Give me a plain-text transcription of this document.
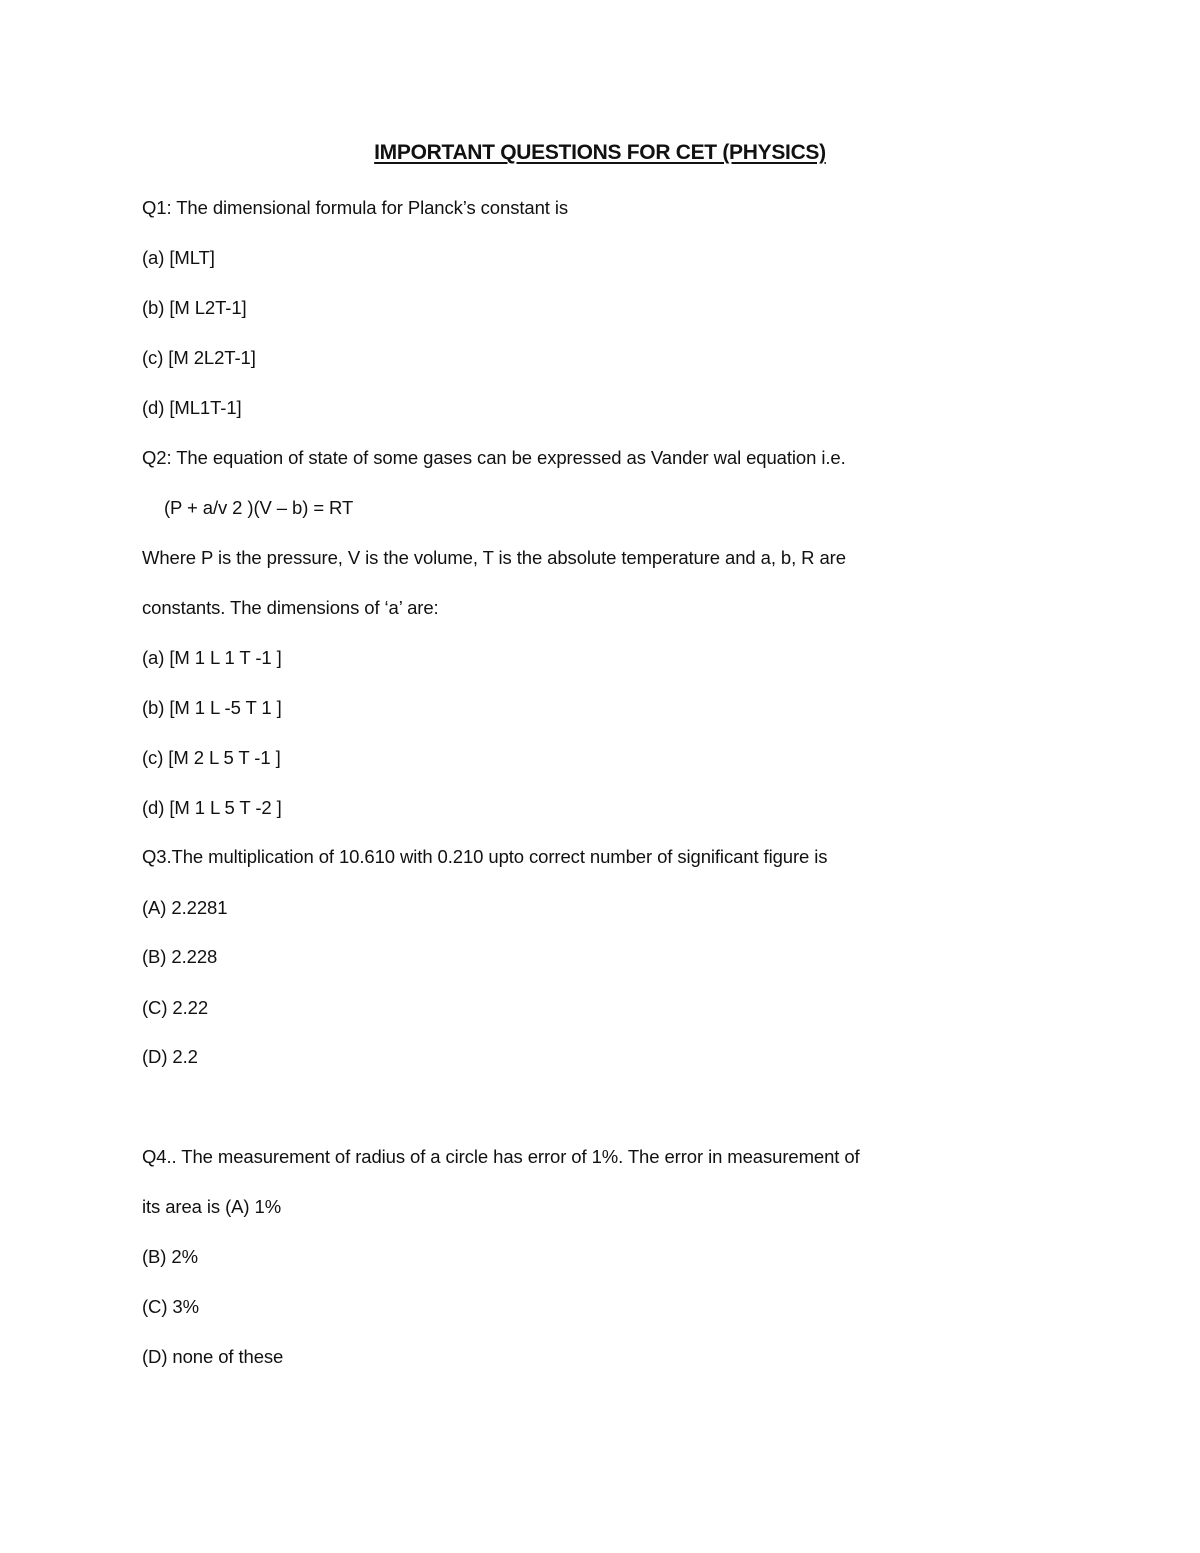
IMPORTANT QUESTIONS FOR CET (PHYSICS)
Q1: The dimensional formula for Planck’s constant is
(a) [MLT]
(b) [M L2T-1]
(c) [M 2L2T-1]
(d) [ML1T-1]
Q2: The equation of state of some gases can be expressed as Vander wal equation i.e.
(P + a/v 2 )(V – b) = RT
Where P is the pressure, V is the volume, T is the absolute temperature and a, b, R are
constants. The dimensions of ‘a’ are:
(a) [M 1 L 1 T -1 ]
(b) [M 1 L -5 T 1 ]
(c) [M 2 L 5 T -1 ]
(d) [M 1 L 5 T -2 ]
Q3.The multiplication of 10.610 with 0.210 upto correct number of significant figure is
(A) 2.2281
(B) 2.228
(C) 2.22
(D) 2.2
Q4.. The measurement of radius of a circle has error of 1%. The error in measurement of
its area is (A) 1%
(B) 2%
(C) 3%
(D) none of these
